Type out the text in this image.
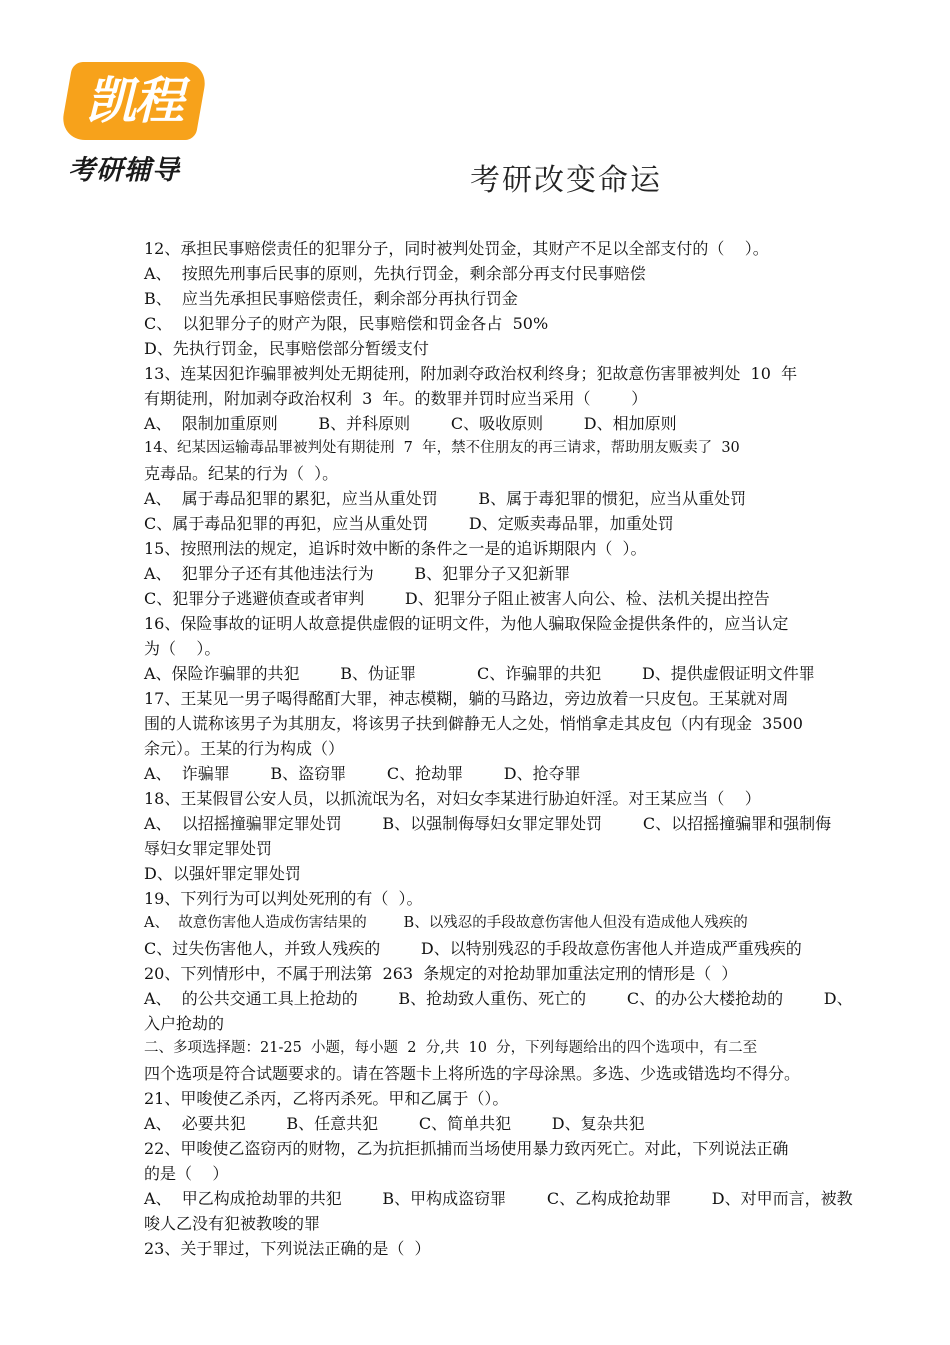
凯程
考研辅导	考研改变命运
12、承担民事赔偿责任的犯罪分子，同时被判处罚金，其财产不足以全部支付的（    ）。
A、  按照先刑事后民事的原则，先执行罚金，剩余部分再支付民事赔偿
B、  应当先承担民事赔偿责任，剩余部分再执行罚金
C、  以犯罪分子的财产为限，民事赔偿和罚金各占  50%
D、先执行罚金，民事赔偿部分暂缓支付
13、连某因犯诈骗罪被判处无期徒刑，附加剥夺政治权利终身；犯故意伤害罪被判处  10  年
有期徒刑，附加剥夺政治权利  3  年。的数罪并罚时应当采用（        ）
A、  限制加重原则        B、并科原则        C、吸收原则        D、相加原则
14、纪某因运输毒品罪被判处有期徒刑  7  年，禁不住朋友的再三请求，帮助朋友贩卖了  30
克毒品。纪某的行为（  ）。
A、  属于毒品犯罪的累犯，应当从重处罚        B、属于毒犯罪的惯犯，应当从重处罚
C、属于毒品犯罪的再犯，应当从重处罚        D、定贩卖毒品罪，加重处罚
15、按照刑法的规定，追诉时效中断的条件之一是的追诉期限内（  ）。
A、  犯罪分子还有其他违法行为        B、犯罪分子又犯新罪
C、犯罪分子逃避侦查或者审判        D、犯罪分子阻止被害人向公、检、法机关提出控告
16、保险事故的证明人故意提供虚假的证明文件，为他人骗取保险金提供条件的，应当认定
为（    ）。
A、保险诈骗罪的共犯        B、伪证罪            C、诈骗罪的共犯        D、提供虚假证明文件罪
17、王某见一男子喝得酩酊大罪，神志模糊，躺的马路边，旁边放着一只皮包。王某就对周
围的人谎称该男子为其朋友，将该男子扶到僻静无人之处，悄悄拿走其皮包（内有现金  3500
余元）。王某的行为构成（）
A、  诈骗罪        B、盗窃罪        C、抢劫罪        D、抢夺罪
18、王某假冒公安人员，以抓流氓为名，对妇女李某进行胁迫奸淫。对王某应当（    ）
A、  以招摇撞骗罪定罪处罚        B、以强制侮辱妇女罪定罪处罚        C、以招摇撞骗罪和强制侮
辱妇女罪定罪处罚
D、以强奸罪定罪处罚
19、下列行为可以判处死刑的有（  ）。
A、  故意伤害他人造成伤害结果的        B、以残忍的手段故意伤害他人但没有造成他人残疾的
C、过失伤害他人，并致人残疾的        D、以特别残忍的手段故意伤害他人并造成严重残疾的
20、下列情形中，不属于刑法第  263  条规定的对抢劫罪加重法定刑的情形是（  ）
A、  的公共交通工具上抢劫的        B、抢劫致人重伤、死亡的        C、的办公大楼抢劫的        D、
入户抢劫的
二、多项选择题：21-25  小题，每小题  2  分,共  10  分，下列每题给出的四个选项中，有二至
四个选项是符合试题要求的。请在答题卡上将所选的字母涂黑。多选、少选或错选均不得分。
21、甲唆使乙杀丙，乙将丙杀死。甲和乙属于（）。
A、  必要共犯        B、任意共犯        C、简单共犯        D、复杂共犯
22、甲唆使乙盗窃丙的财物，乙为抗拒抓捕而当场使用暴力致丙死亡。对此，下列说法正确
的是（    ）
A、  甲乙构成抢劫罪的共犯        B、甲构成盗窃罪        C、乙构成抢劫罪        D、对甲而言，被教
唆人乙没有犯被教唆的罪
23、关于罪过，下列说法正确的是（  ）
